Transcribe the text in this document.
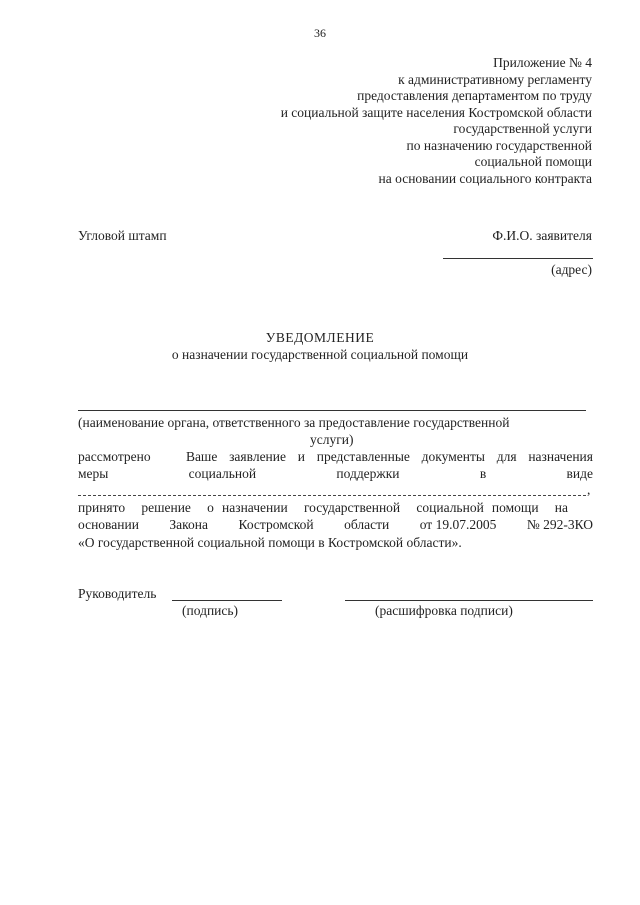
36
Приложение № 4
к административному регламенту
предоставления департаментом по труду
и социальной защите населения Костромской области
государственной услуги
по назначению государственной
социальной помощи
на основании социального контракта
Угловой штамп	Ф.И.О. заявителя
(адрес)
УВЕДОМЛЕНИЕ
о назначении государственной социальной помощи
(наименование органа, ответственного за предоставление государственной
услуги)
рассмотрено   Ваше заявление и представленные документы для назначения
меры	социальной	поддержки	в	виде
,
принято  решение  о назначении  государственной  социальной помощи  на
основании Закона Костромской области от 19.07.2005 № 292-3КО
«О государственной социальной помощи в Костромской области».
Руководитель
(подпись)	(расшифровка подписи)
